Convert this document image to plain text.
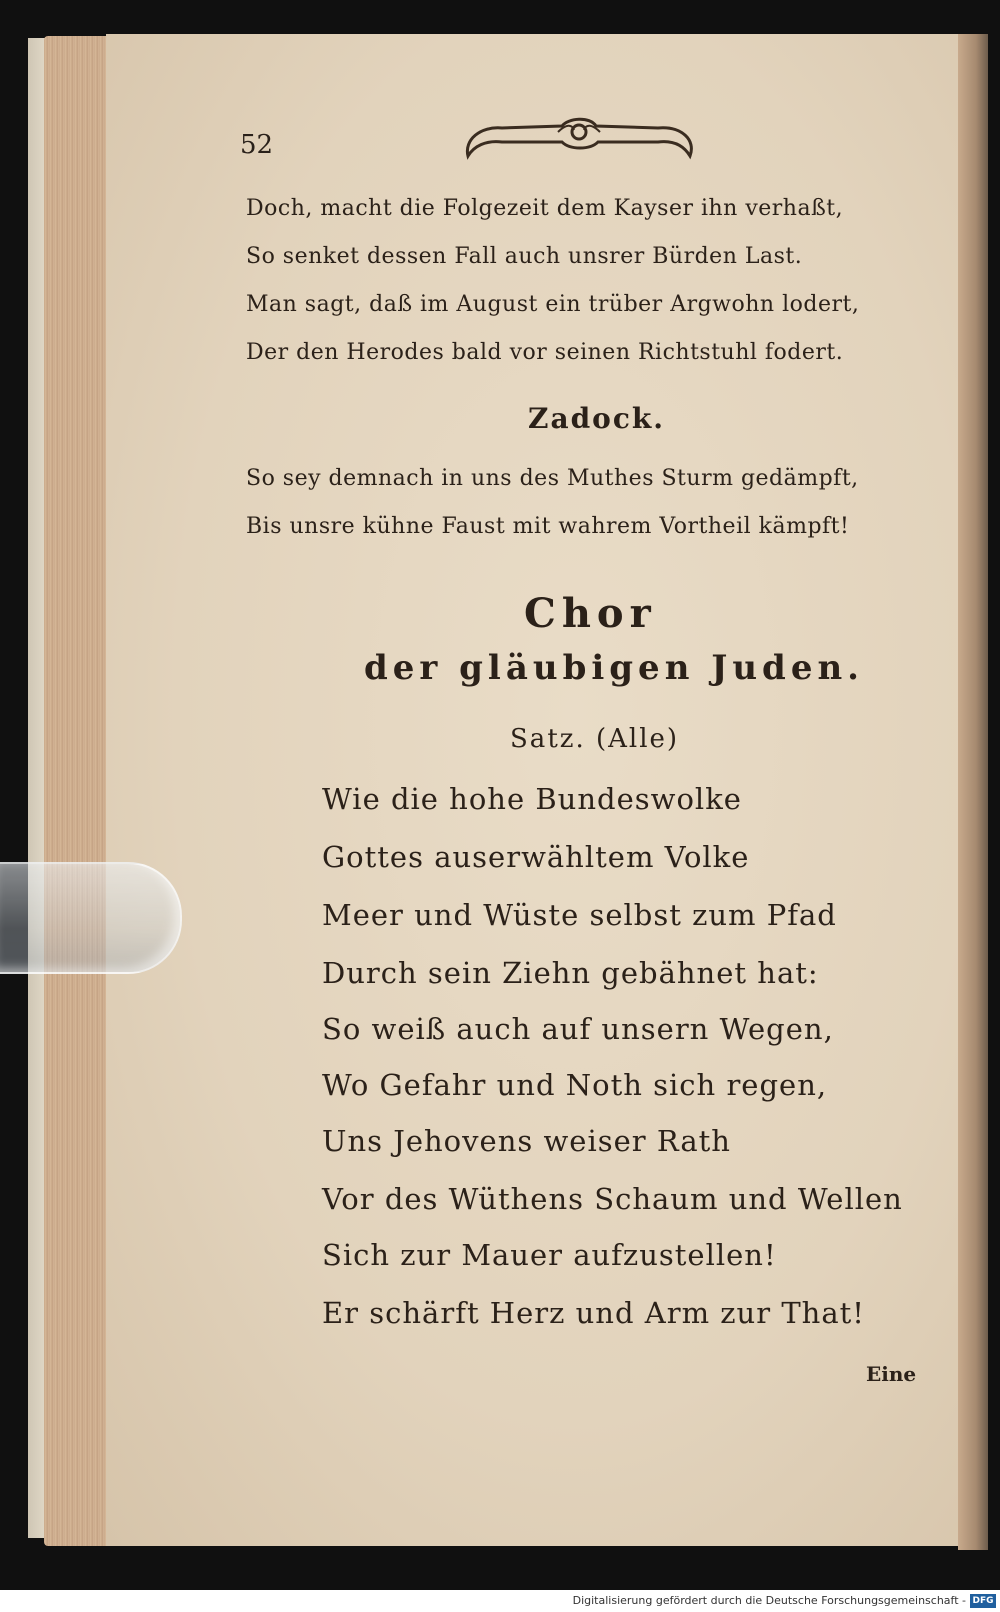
52
Doch, macht die Folgezeit dem Kayser ihn verhaßt,
So senket dessen Fall auch unsrer Bürden Last.
Man sagt, daß im August ein trüber Argwohn lodert,
Der den Herodes bald vor seinen Richtstuhl fodert.
Zadock.
So sey demnach in uns des Muthes Sturm gedämpft,
Bis unsre kühne Faust mit wahrem Vortheil kämpft!
Chor
der gläubigen Juden.
Satz. (Alle)
Wie die hohe Bundeswolke
Gottes auserwähltem Volke
Meer und Wüste selbst zum Pfad
Durch sein Ziehn gebähnet hat:
So weiß auch auf unsern Wegen,
Wo Gefahr und Noth sich regen,
Uns Jehovens weiser Rath
Vor des Wüthens Schaum und Wellen
Sich zur Mauer aufzustellen!
Er schärft Herz und Arm zur That!
Eine
Digitalisierung gefördert durch die Deutsche Forschungsgemeinschaft - DFG
